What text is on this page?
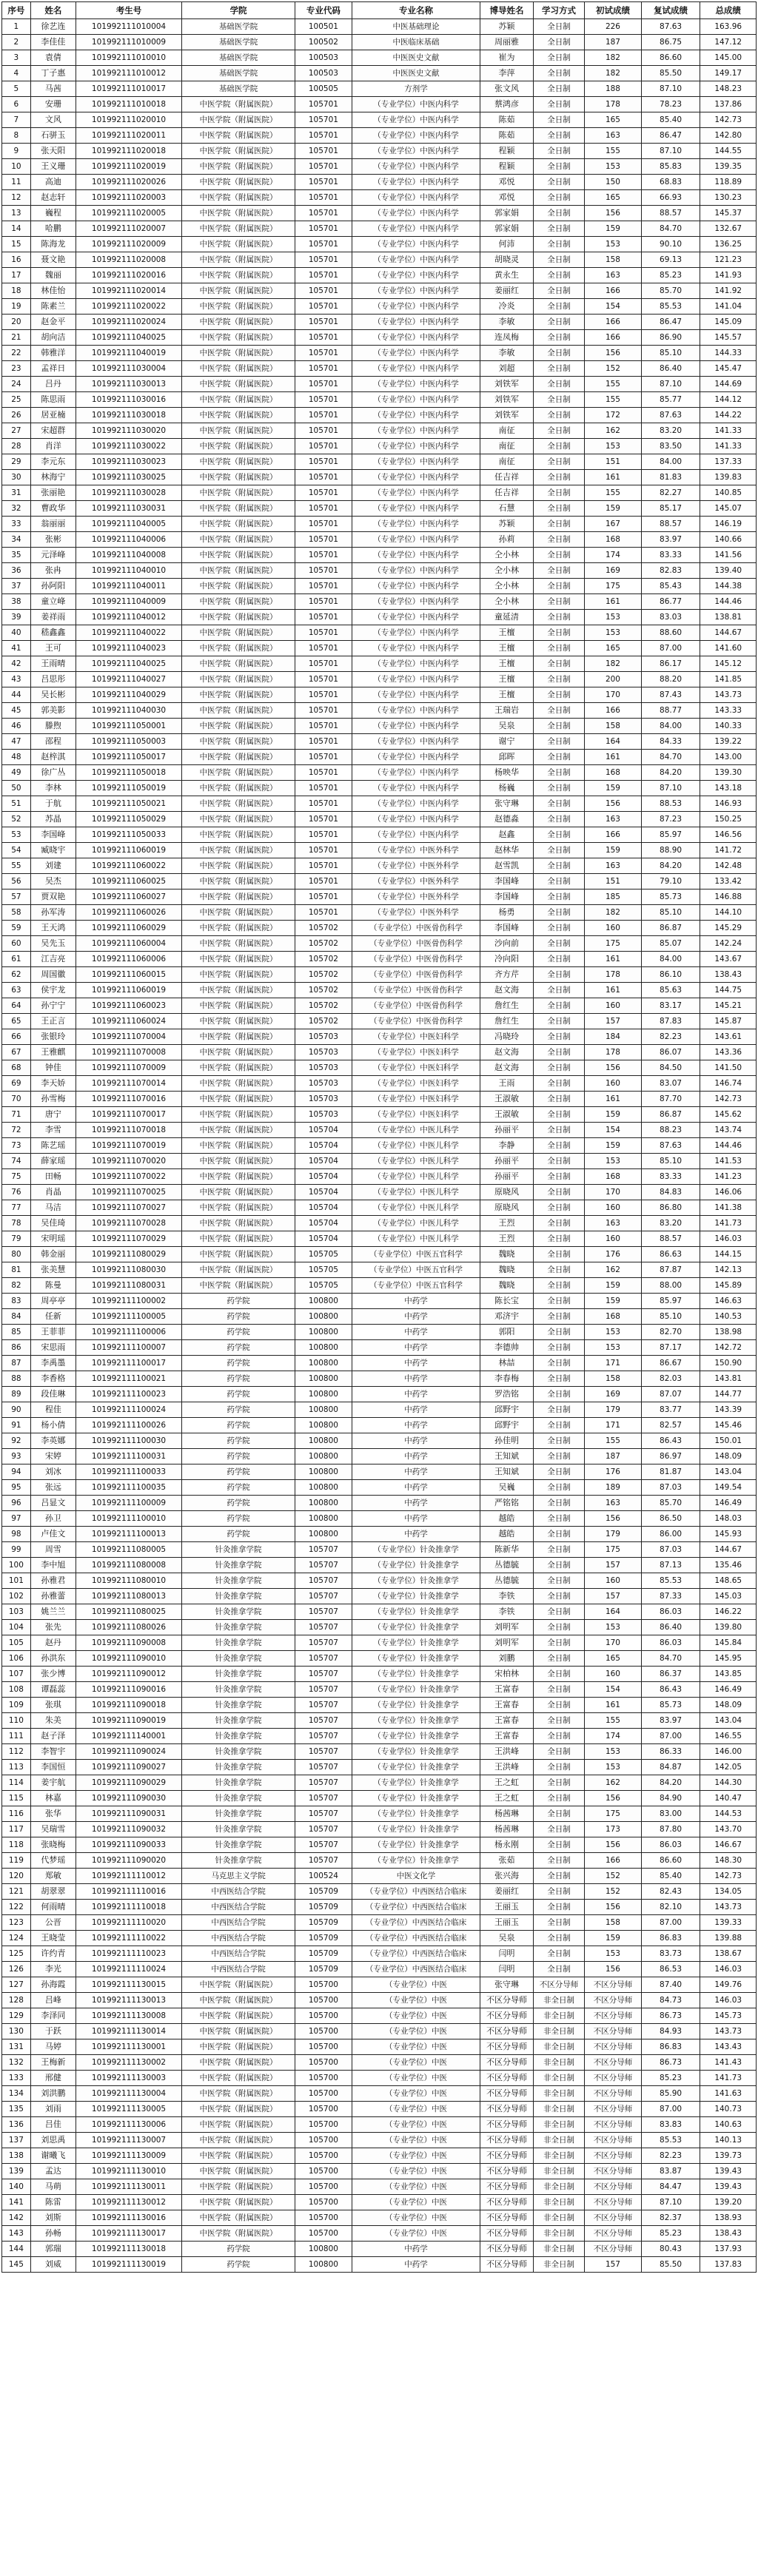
序号	姓名	考生号	学院	专业代码	专业名称	博导姓名	学习方式	初试成绩	复试成绩	总成绩
1	徐艺连	101992111010004	基础医学院	100501	中医基础理论	苏颖	全日制	226	87.63	163.96
2	李佳佳	101992111010009	基础医学院	100502	中医临床基础	周丽雅	全日制	187	86.75	147.12
3	袁倩	101992111010010	基础医学院	100503	中医医史文献	崔为	全日制	182	86.60	145.00
4	丁子惠	101992111010012	基础医学院	100503	中医医史文献	李萍	全日制	182	85.50	149.17
5	马茜	101992111010017	基础医学院	100505	方剂学	张文风	全日制	188	87.10	148.23
6	安珊	101992111010018	中医学院（附属医院）	105701	（专业学位）中医内科学	蔡鸿彦	全日制	178	78.23	137.86
7	文风	101992111020010	中医学院（附属医院）	105701	（专业学位）中医内科学	陈茹	全日制	165	85.40	142.73
8	石骈玉	101992111020011	中医学院（附属医院）	105701	（专业学位）中医内科学	陈茹	全日制	163	86.47	142.80
9	张天阳	101992111020018	中医学院（附属医院）	105701	（专业学位）中医内科学	程颖	全日制	155	87.10	144.55
10	王义珊	101992111020019	中医学院（附属医院）	105701	（专业学位）中医内科学	程颖	全日制	153	85.83	139.35
11	高迪	101992111020026	中医学院（附属医院）	105701	（专业学位）中医内科学	邓悦	全日制	150	68.83	118.89
12	赵志轩	101992111020003	中医学院（附属医院）	105701	（专业学位）中医内科学	邓悦	全日制	165	66.93	130.23
13	巍程	101992111020005	中医学院（附属医院）	105701	（专业学位）中医内科学	郭家娟	全日制	156	88.57	145.37
14	哈鹏	101992111020007	中医学院（附属医院）	105701	（专业学位）中医内科学	郭家娟	全日制	159	84.70	132.67
15	陈海龙	101992111020009	中医学院（附属医院）	105701	（专业学位）中医内科学	何沛	全日制	153	90.10	136.25
16	聂文艳	101992111020008	中医学院（附属医院）	105701	（专业学位）中医内科学	胡晓灵	全日制	158	69.13	121.23
17	魏丽	101992111020016	中医学院（附属医院）	105701	（专业学位）中医内科学	黄永生	全日制	163	85.23	141.93
18	林佳怡	101992111020014	中医学院（附属医院）	105701	（专业学位）中医内科学	姜丽红	全日制	166	85.70	141.92
19	陈素兰	101992111020022	中医学院（附属医院）	105701	（专业学位）中医内科学	冷炎	全日制	154	85.53	141.04
20	赵金平	101992111020024	中医学院（附属医院）	105701	（专业学位）中医内科学	李敏	全日制	166	86.47	145.09
21	胡向洁	101992111040025	中医学院（附属医院）	105701	（专业学位）中医内科学	连凤梅	全日制	166	86.90	145.57
22	韩雅洋	101992111040019	中医学院（附属医院）	105701	（专业学位）中医内科学	李敏	全日制	156	85.10	144.33
23	孟祥日	101992111030004	中医学院（附属医院）	105701	（专业学位）中医内科学	刘超	全日制	152	86.40	145.47
24	吕丹	101992111030013	中医学院（附属医院）	105701	（专业学位）中医内科学	刘铁军	全日制	155	87.10	144.69
25	陈思雨	101992111030016	中医学院（附属医院）	105701	（专业学位）中医内科学	刘铁军	全日制	155	85.77	144.12
26	居亚楠	101992111030018	中医学院（附属医院）	105701	（专业学位）中医内科学	刘铁军	全日制	172	87.63	144.22
27	宋超群	101992111030020	中医学院（附属医院）	105701	（专业学位）中医内科学	南征	全日制	162	83.20	141.33
28	肖洋	101992111030022	中医学院（附属医院）	105701	（专业学位）中医内科学	南征	全日制	153	83.50	141.33
29	李元东	101992111030023	中医学院（附属医院）	105701	（专业学位）中医内科学	南征	全日制	151	84.00	137.33
30	林海宁	101992111030025	中医学院（附属医院）	105701	（专业学位）中医内科学	任吉祥	全日制	161	81.83	139.83
31	张丽艳	101992111030028	中医学院（附属医院）	105701	（专业学位）中医内科学	任吉祥	全日制	155	82.27	140.85
32	曹政华	101992111030031	中医学院（附属医院）	105701	（专业学位）中医内科学	石慧	全日制	159	85.17	145.07
33	翁丽丽	101992111040005	中医学院（附属医院）	105701	（专业学位）中医内科学	苏颖	全日制	167	88.57	146.19
34	张彬	101992111040006	中医学院（附属医院）	105701	（专业学位）中医内科学	孙莉	全日制	168	83.97	140.66
35	元泽峰	101992111040008	中医学院（附属医院）	105701	（专业学位）中医内科学	仝小林	全日制	174	83.33	141.56
36	张冉	101992111040010	中医学院（附属医院）	105701	（专业学位）中医内科学	仝小林	全日制	169	82.83	139.40
37	孙阿阳	101992111040011	中医学院（附属医院）	105701	（专业学位）中医内科学	仝小林	全日制	175	85.43	144.38
38	童立峰	101992111040009	中医学院（附属医院）	105701	（专业学位）中医内科学	仝小林	全日制	161	86.77	144.46
39	姜祥雨	101992111040012	中医学院（附属医院）	105701	（专业学位）中医内科学	童延清	全日制	153	83.03	138.81
40	嵇鑫鑫	101992111040022	中医学院（附属医院）	105701	（专业学位）中医内科学	王檀	全日制	153	88.60	144.67
41	王可	101992111040023	中医学院（附属医院）	105701	（专业学位）中医内科学	王檀	全日制	165	87.00	141.60
42	王雨晴	101992111040025	中医学院（附属医院）	105701	（专业学位）中医内科学	王檀	全日制	182	86.17	145.12
43	吕思彤	101992111040027	中医学院（附属医院）	105701	（专业学位）中医内科学	王檀	全日制	200	88.20	141.85
44	吴长彬	101992111040029	中医学院（附属医院）	105701	（专业学位）中医内科学	王檀	全日制	170	87.43	143.73
45	郭美影	101992111040030	中医学院（附属医院）	105701	（专业学位）中医内科学	王瑞岩	全日制	166	88.77	143.33
46	滕煦	101992111050001	中医学院（附属医院）	105701	（专业学位）中医内科学	吴泉	全日制	158	84.00	140.33
47	邵程	101992111050003	中医学院（附属医院）	105701	（专业学位）中医内科学	谢宁	全日制	164	84.33	139.22
48	赵梓淇	101992111050017	中医学院（附属医院）	105701	（专业学位）中医内科学	邱晖	全日制	161	84.70	143.00
49	徐广丛	101992111050018	中医学院（附属医院）	105701	（专业学位）中医内科学	杨映华	全日制	168	84.20	139.30
50	李林	101992111050019	中医学院（附属医院）	105701	（专业学位）中医内科学	杨巍	全日制	159	87.10	143.18
51	于航	101992111050021	中医学院（附属医院）	105701	（专业学位）中医内科学	张守琳	全日制	156	88.53	146.93
52	苏晶	101992111050029	中医学院（附属医院）	105701	（专业学位）中医内科学	赵德淼	全日制	163	87.23	150.25
53	李国峰	101992111050033	中医学院（附属医院）	105701	（专业学位）中医内科学	赵鑫	全日制	166	85.97	146.56
54	臧晓宇	101992111060019	中医学院（附属医院）	105701	（专业学位）中医外科学	赵林华	全日制	159	88.90	141.72
55	刘建	101992111060022	中医学院（附属医院）	105701	（专业学位）中医外科学	赵雪凯	全日制	163	84.20	142.48
56	吴杰	101992111060025	中医学院（附属医院）	105701	（专业学位）中医外科学	李国峰	全日制	151	79.10	133.42
57	贾双艳	101992111060027	中医学院（附属医院）	105701	（专业学位）中医外科学	李国峰	全日制	185	85.73	146.88
58	孙军涛	101992111060026	中医学院（附属医院）	105701	（专业学位）中医外科学	杨勇	全日制	182	85.10	144.10
59	王天鸿	101992111060029	中医学院（附属医院）	105702	（专业学位）中医骨伤科学	李国峰	全日制	160	86.87	145.29
60	吴先玉	101992111060004	中医学院（附属医院）	105702	（专业学位）中医骨伤科学	沙向前	全日制	175	85.07	142.24
61	江吉亮	101992111060006	中医学院（附属医院）	105702	（专业学位）中医骨伤科学	冷向阳	全日制	161	84.00	143.67
62	周国徽	101992111060015	中医学院（附属医院）	105702	（专业学位）中医骨伤科学	齐方芹	全日制	178	86.10	138.43
63	侯宇龙	101992111060019	中医学院（附属医院）	105702	（专业学位）中医骨伤科学	赵文海	全日制	161	85.63	144.75
64	孙宁宁	101992111060023	中医学院（附属医院）	105702	（专业学位）中医骨伤科学	詹红生	全日制	160	83.17	145.21
65	王正言	101992111060024	中医学院（附属医院）	105702	（专业学位）中医骨伤科学	詹红生	全日制	157	87.83	145.87
66	张银玲	101992111070004	中医学院（附属医院）	105703	（专业学位）中医妇科学	冯晓玲	全日制	184	82.23	143.61
67	王雅麒	101992111070008	中医学院（附属医院）	105703	（专业学位）中医妇科学	赵文海	全日制	178	86.07	143.36
68	钟佳	101992111070009	中医学院（附属医院）	105703	（专业学位）中医妇科学	赵文海	全日制	156	84.50	141.50
69	李天娇	101992111070014	中医学院（附属医院）	105703	（专业学位）中医妇科学	王雨	全日制	160	83.07	146.74
70	孙雪梅	101992111070016	中医学院（附属医院）	105703	（专业学位）中医妇科学	王淑敏	全日制	161	87.70	142.73
71	唐宁	101992111070017	中医学院（附属医院）	105703	（专业学位）中医妇科学	王淑敏	全日制	159	86.87	145.62
72	李雪	101992111070018	中医学院（附属医院）	105704	（专业学位）中医儿科学	孙丽平	全日制	154	88.23	143.74
73	陈艺瑶	101992111070019	中医学院（附属医院）	105704	（专业学位）中医儿科学	李静	全日制	159	87.63	144.46
74	薛家瑶	101992111070020	中医学院（附属医院）	105704	（专业学位）中医儿科学	孙丽平	全日制	153	85.10	141.53
75	田畅	101992111070022	中医学院（附属医院）	105704	（专业学位）中医儿科学	孙丽平	全日制	168	83.33	141.23
76	肖晶	101992111070025	中医学院（附属医院）	105704	（专业学位）中医儿科学	原晓风	全日制	170	84.83	146.06
77	马洁	101992111070027	中医学院（附属医院）	105704	（专业学位）中医儿科学	原晓风	全日制	160	86.80	141.38
78	吴佳琦	101992111070028	中医学院（附属医院）	105704	（专业学位）中医儿科学	王烈	全日制	163	83.20	141.73
79	宋明瑶	101992111070029	中医学院（附属医院）	105704	（专业学位）中医儿科学	王烈	全日制	160	88.57	146.03
80	韩金丽	101992111080029	中医学院（附属医院）	105705	（专业学位）中医五官科学	魏晓	全日制	176	86.63	144.15
81	张美慧	101992111080030	中医学院（附属医院）	105705	（专业学位）中医五官科学	魏晓	全日制	162	87.87	142.13
82	陈曼	101992111080031	中医学院（附属医院）	105705	（专业学位）中医五官科学	魏晓	全日制	159	88.00	145.89
83	周亭亭	101992111100002	药学院	100800	中药学	陈长宝	全日制	159	85.97	146.63
84	任新	101992111100005	药学院	100800	中药学	邓济宇	全日制	168	85.10	140.53
85	王菲菲	101992111100006	药学院	100800	中药学	郭阳	全日制	153	82.70	138.98
86	宋思雨	101992111100007	药学院	100800	中药学	李德帅	全日制	153	87.17	142.72
87	李禹墨	101992111100017	药学院	100800	中药学	林喆	全日制	171	86.67	150.90
88	李香格	101992111100021	药学院	100800	中药学	李春梅	全日制	158	82.03	143.81
89	段佳琳	101992111100023	药学院	100800	中药学	罗浩铭	全日制	169	87.07	144.77
90	程佳	101992111100024	药学院	100800	中药学	邱野宇	全日制	179	83.77	143.39
91	杨小倩	101992111100026	药学院	100800	中药学	邱野宇	全日制	171	82.57	145.46
92	李英娜	101992111100030	药学院	100800	中药学	孙佳明	全日制	155	86.43	150.01
93	宋婷	101992111100031	药学院	100800	中药学	王知斌	全日制	187	86.97	148.09
94	刘冰	101992111100033	药学院	100800	中药学	王知斌	全日制	176	81.87	143.04
95	张远	101992111100035	药学院	100800	中药学	吴巍	全日制	189	87.03	149.54
96	吕显文	101992111100009	药学院	100800	中药学	严铭铭	全日制	163	85.70	146.49
97	孙卫	101992111100010	药学院	100800	中药学	越皓	全日制	156	86.50	148.03
98	卢佳文	101992111100013	药学院	100800	中药学	越皓	全日制	179	86.00	145.93
99	周雪	101992111080005	针灸推拿学院	105707	（专业学位）针灸推拿学	陈新华	全日制	175	87.03	144.67
100	李中旭	101992111080008	针灸推拿学院	105707	（专业学位）针灸推拿学	丛德毓	全日制	157	87.13	135.46
101	孙雅君	101992111080010	针灸推拿学院	105707	（专业学位）针灸推拿学	丛德毓	全日制	160	85.53	148.65
102	孙雅蕾	101992111080013	针灸推拿学院	105707	（专业学位）针灸推拿学	李铁	全日制	157	87.33	145.03
103	姚兰兰	101992111080025	针灸推拿学院	105707	（专业学位）针灸推拿学	李铁	全日制	164	86.03	146.22
104	张先	101992111080026	针灸推拿学院	105707	（专业学位）针灸推拿学	刘明军	全日制	153	86.40	139.80
105	赵丹	101992111090008	针灸推拿学院	105707	（专业学位）针灸推拿学	刘明军	全日制	170	86.03	145.84
106	孙洪东	101992111090010	针灸推拿学院	105707	（专业学位）针灸推拿学	刘鹏	全日制	165	84.70	145.95
107	张少博	101992111090012	针灸推拿学院	105707	（专业学位）针灸推拿学	宋柏林	全日制	160	86.37	143.85
108	谭磊蕊	101992111090016	针灸推拿学院	105707	（专业学位）针灸推拿学	王富春	全日制	154	86.43	146.49
109	张琪	101992111090018	针灸推拿学院	105707	（专业学位）针灸推拿学	王富春	全日制	161	85.73	148.09
110	朱美	101992111090019	针灸推拿学院	105707	（专业学位）针灸推拿学	王富春	全日制	155	83.97	143.04
111	赵子泽	101992111140001	针灸推拿学院	105707	（专业学位）针灸推拿学	王富春	全日制	174	87.00	146.55
112	李智宇	101992111090024	针灸推拿学院	105707	（专业学位）针灸推拿学	王洪峰	全日制	153	86.33	146.00
113	李国恒	101992111090027	针灸推拿学院	105707	（专业学位）针灸推拿学	王洪峰	全日制	153	84.87	142.05
114	姜宇航	101992111090029	针灸推拿学院	105707	（专业学位）针灸推拿学	王之虹	全日制	162	84.20	144.30
115	林嘉	101992111090030	针灸推拿学院	105707	（专业学位）针灸推拿学	王之虹	全日制	156	84.90	140.47
116	张华	101992111090031	针灸推拿学院	105707	（专业学位）针灸推拿学	杨茜琳	全日制	175	83.00	144.53
117	吴瑞雪	101992111090032	针灸推拿学院	105707	（专业学位）针灸推拿学	杨茜琳	全日制	173	87.80	143.70
118	张晓梅	101992111090033	针灸推拿学院	105707	（专业学位）针灸推拿学	杨永刚	全日制	156	86.03	146.67
119	代梦瑶	101992111090020	针灸推拿学院	105707	（专业学位）针灸推拿学	张茹	全日制	166	86.60	148.30
120	郑敏	101992111110012	马克思主义学院	100524	中医文化学	张兴海	全日制	152	85.40	142.73
121	胡翠翠	101992111110016	中西医结合学院	105709	（专业学位）中西医结合临床	姜丽红	全日制	152	82.43	134.05
122	何雨晴	101992111110018	中西医结合学院	105709	（专业学位）中西医结合临床	王丽玉	全日制	156	82.10	143.73
123	公晋	101992111110020	中西医结合学院	105709	（专业学位）中西医结合临床	王丽玉	全日制	158	87.00	139.33
124	王晓莹	101992111110022	中西医结合学院	105709	（专业学位）中西医结合临床	吴泉	全日制	159	86.83	139.88
125	许约青	101992111110023	中西医结合学院	105709	（专业学位）中西医结合临床	闫明	全日制	153	83.73	138.67
126	李光	101992111110024	中西医结合学院	105709	（专业学位）中西医结合临床	闫明	全日制	156	86.53	146.03
127	孙海霞	101992111130015	中医学院（附属医院）	105700	（专业学位）中医	张守琳	不区分导师	不区分导师	87.40	149.76
128	吕峰	101992111130013	中医学院（附属医院）	105700	（专业学位）中医	不区分导师	非全日制	不区分导师	84.73	146.03
129	李泽同	101992111130008	中医学院（附属医院）	105700	（专业学位）中医	不区分导师	非全日制	不区分导师	86.73	145.73
130	于跃	101992111130014	中医学院（附属医院）	105700	（专业学位）中医	不区分导师	非全日制	不区分导师	84.93	143.73
131	马婷	101992111130001	中医学院（附属医院）	105700	（专业学位）中医	不区分导师	非全日制	不区分导师	86.83	143.43
132	王梅新	101992111130002	中医学院（附属医院）	105700	（专业学位）中医	不区分导师	非全日制	不区分导师	86.73	141.43
133	邢健	101992111130003	中医学院（附属医院）	105700	（专业学位）中医	不区分导师	非全日制	不区分导师	85.23	141.73
134	刘洪鹏	101992111130004	中医学院（附属医院）	105700	（专业学位）中医	不区分导师	非全日制	不区分导师	85.90	141.63
135	刘雨	101992111130005	中医学院（附属医院）	105700	（专业学位）中医	不区分导师	非全日制	不区分导师	87.00	140.73
136	吕佳	101992111130006	中医学院（附属医院）	105700	（专业学位）中医	不区分导师	非全日制	不区分导师	83.83	140.63
137	刘思禹	101992111130007	中医学院（附属医院）	105700	（专业学位）中医	不区分导师	非全日制	不区分导师	85.53	140.13
138	谢曦飞	101992111130009	中医学院（附属医院）	105700	（专业学位）中医	不区分导师	非全日制	不区分导师	82.23	139.73
139	孟达	101992111130010	中医学院（附属医院）	105700	（专业学位）中医	不区分导师	非全日制	不区分导师	83.87	139.43
140	马萌	101992111130011	中医学院（附属医院）	105700	（专业学位）中医	不区分导师	非全日制	不区分导师	84.47	139.43
141	陈雷	101992111130012	中医学院（附属医院）	105700	（专业学位）中医	不区分导师	非全日制	不区分导师	87.10	139.20
142	刘斯	101992111130016	中医学院（附属医院）	105700	（专业学位）中医	不区分导师	非全日制	不区分导师	82.37	138.93
143	孙畅	101992111130017	中医学院（附属医院）	105700	（专业学位）中医	不区分导师	非全日制	不区分导师	85.23	138.43
144	郭瑞	101992111130018	药学院	100800	中药学	不区分导师	非全日制	不区分导师	80.43	137.93
145	刘威	101992111130019	药学院	100800	中药学	不区分导师	非全日制	157	85.50	137.83
